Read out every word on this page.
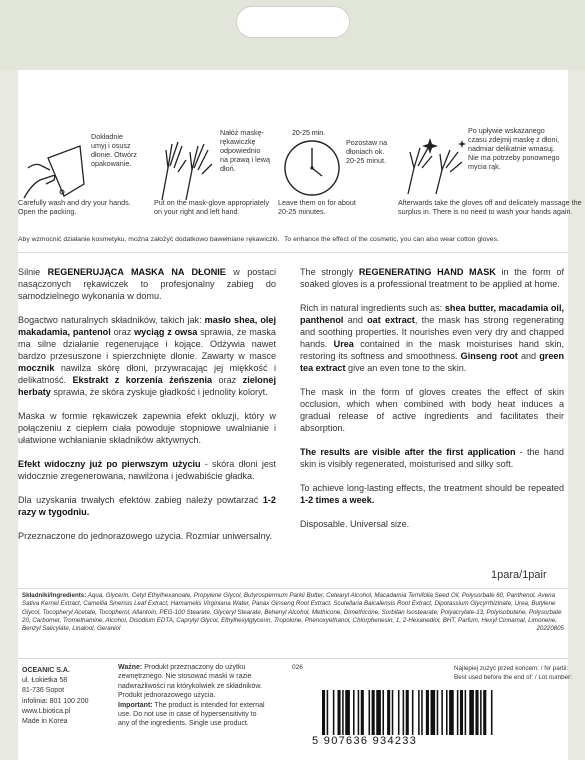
Dokładnie
umyj i osusz
dłonie. Otwórz
opakowanie.
Carefully wash and dry your hands.
Open the packing.
Nałóż maskę-
rękawiczkę
odpowiednio
na prawą i lewą
dłoń.
Put on the mask-glove appropriately
on your right and left hand.
20-25 min.
Pozostaw na
dłoniach ok.
20-25 minut.
Leave them on for about
20-25 minutes.
Po upływie wskazanego
czasu zdejmij maskę z dłoni,
nadmiar delikatnie wmasuj.
Nie ma potrzeby ponownego
mycia rąk.
Afterwards take the gloves off and delicately massage the
surplus in. There is no need to wash your hands again.
Aby wzmocnić działanie kosmetyku, można założyć dodatkowo bawełniane rękawiczki. To enhance the effect of the cosmetic, you can also wear cotton gloves.

Silnie REGENERUJĄCA MASKA NA DŁONIE w postaci nasączonych rękawiczek to profesjonalny zabieg do samodzielnego wykonania w domu.

Bogactwo naturalnych składników, takich jak: masło shea, olej makadamia, pantenol oraz wyciąg z owsa sprawia, że maska ma silne działanie regenerujące i kojące. Odżywia nawet bardzo przesuszone i spierzchnięte dłonie. Zawarty w masce mocznik nawilża skórę dłoni, przywracając jej miękkość i delikatność. Ekstrakt z korzenia żeńszenia oraz zielonej herbaty sprawia, że skóra zyskuje gładkość i jednolity koloryt.

Maska w formie rękawiczek zapewnia efekt okluzji, który w połączeniu z ciepłem ciała powoduje stopniowe uwalnianie i ułatwione wchłanianie składników aktywnych.

Efekt widoczny już po pierwszym użyciu - skóra dłoni jest widocznie zregenerowana, nawilżona i jedwabiście gładka.

Dla uzyskania trwałych efektów zabieg należy powtarzać 1-2 razy w tygodniu.

Przeznaczone do jednorazowego użycia. Rozmiar uniwersalny.

The strongly REGENERATING HAND MASK in the form of soaked gloves is a professional treatment to be applied at home.

Rich in natural ingredients such as: shea butter, macadamia oil, panthenol and oat extract, the mask has strong regenerating and soothing properties. It nourishes even very dry and chapped hands. Urea contained in the mask moisturises hand skin, restoring its softness and smoothness. Ginseng root and green tea extract give an even tone to the skin.

The mask in the form of gloves creates the effect of skin occlusion, which when combined with body heat induces a gradual release of active ingredients and facilitates their absorption.

The results are visible after the first application - the hand skin is visibly regenerated, moisturised and silky soft.

To achieve long-lasting effects, the treatment should be repeated 1-2 times a week.

Disposable. Universal size.

1para/1pair
Składniki/Ingredients: Aqua, Glycerin, Cetyl Ethylhexanoate, Propylene Glycol, Butyrospermum Parkii Butter, Cetearyl Alcohol, Macadamia Ternifolia Seed Oil, Polysorbate 60, Panthenol, Avena Sativa Kernel Extract, Camellia Sinensis Leaf Extract, Hamamelis Virginiana Water, Panax Ginseng Root Extract, Scutellaria Baicalensis Root Extract, Dipotassium Glycyrrhizinate, Urea, Butylene Glycol, Tocopheryl Acetate, Tocopherol, Allantoin, PEG-100 Stearate, Glyceryl Stearate, Behenyl Alcohol, Methicone, Dimethicone, Sorbitan Isostearate, Polyacrylate-13, Polyisobutene, Polysorbate 20, Carbomer, Tromethamine, Alcohol, Disodium EDTA, Caprylyl Glycol, Ethylhexylglycerin, Tropolone, Phenoxyethanol, Chlorphenesin, 1, 2-Hexanediol, BHT, Parfum, Hexyl Cinnamal, Limonene, Benzyl Salicylate, Linalool, Geraniol	20220805
OCEANIC S.A.
ul. Łokietka 58
81-736 Sopot
infolinia: 801 100 200
www.Lbiotica.pl
Made in Korea
Ważne: Produkt przeznaczony do użytku zewnętrznego. Nie stosować maski w razie nadwrażliwości na którykolwiek ze składników. Produkt jednorazowego użycia.
Important: The product is intended for external use. Do not use in case of hypersensitivity to any of the ingredients. Single use product.
026	Najlepiej zużyć przed końcem: / Nr partii:
Best used before the end of: / Lot number:
5 907636 934233
